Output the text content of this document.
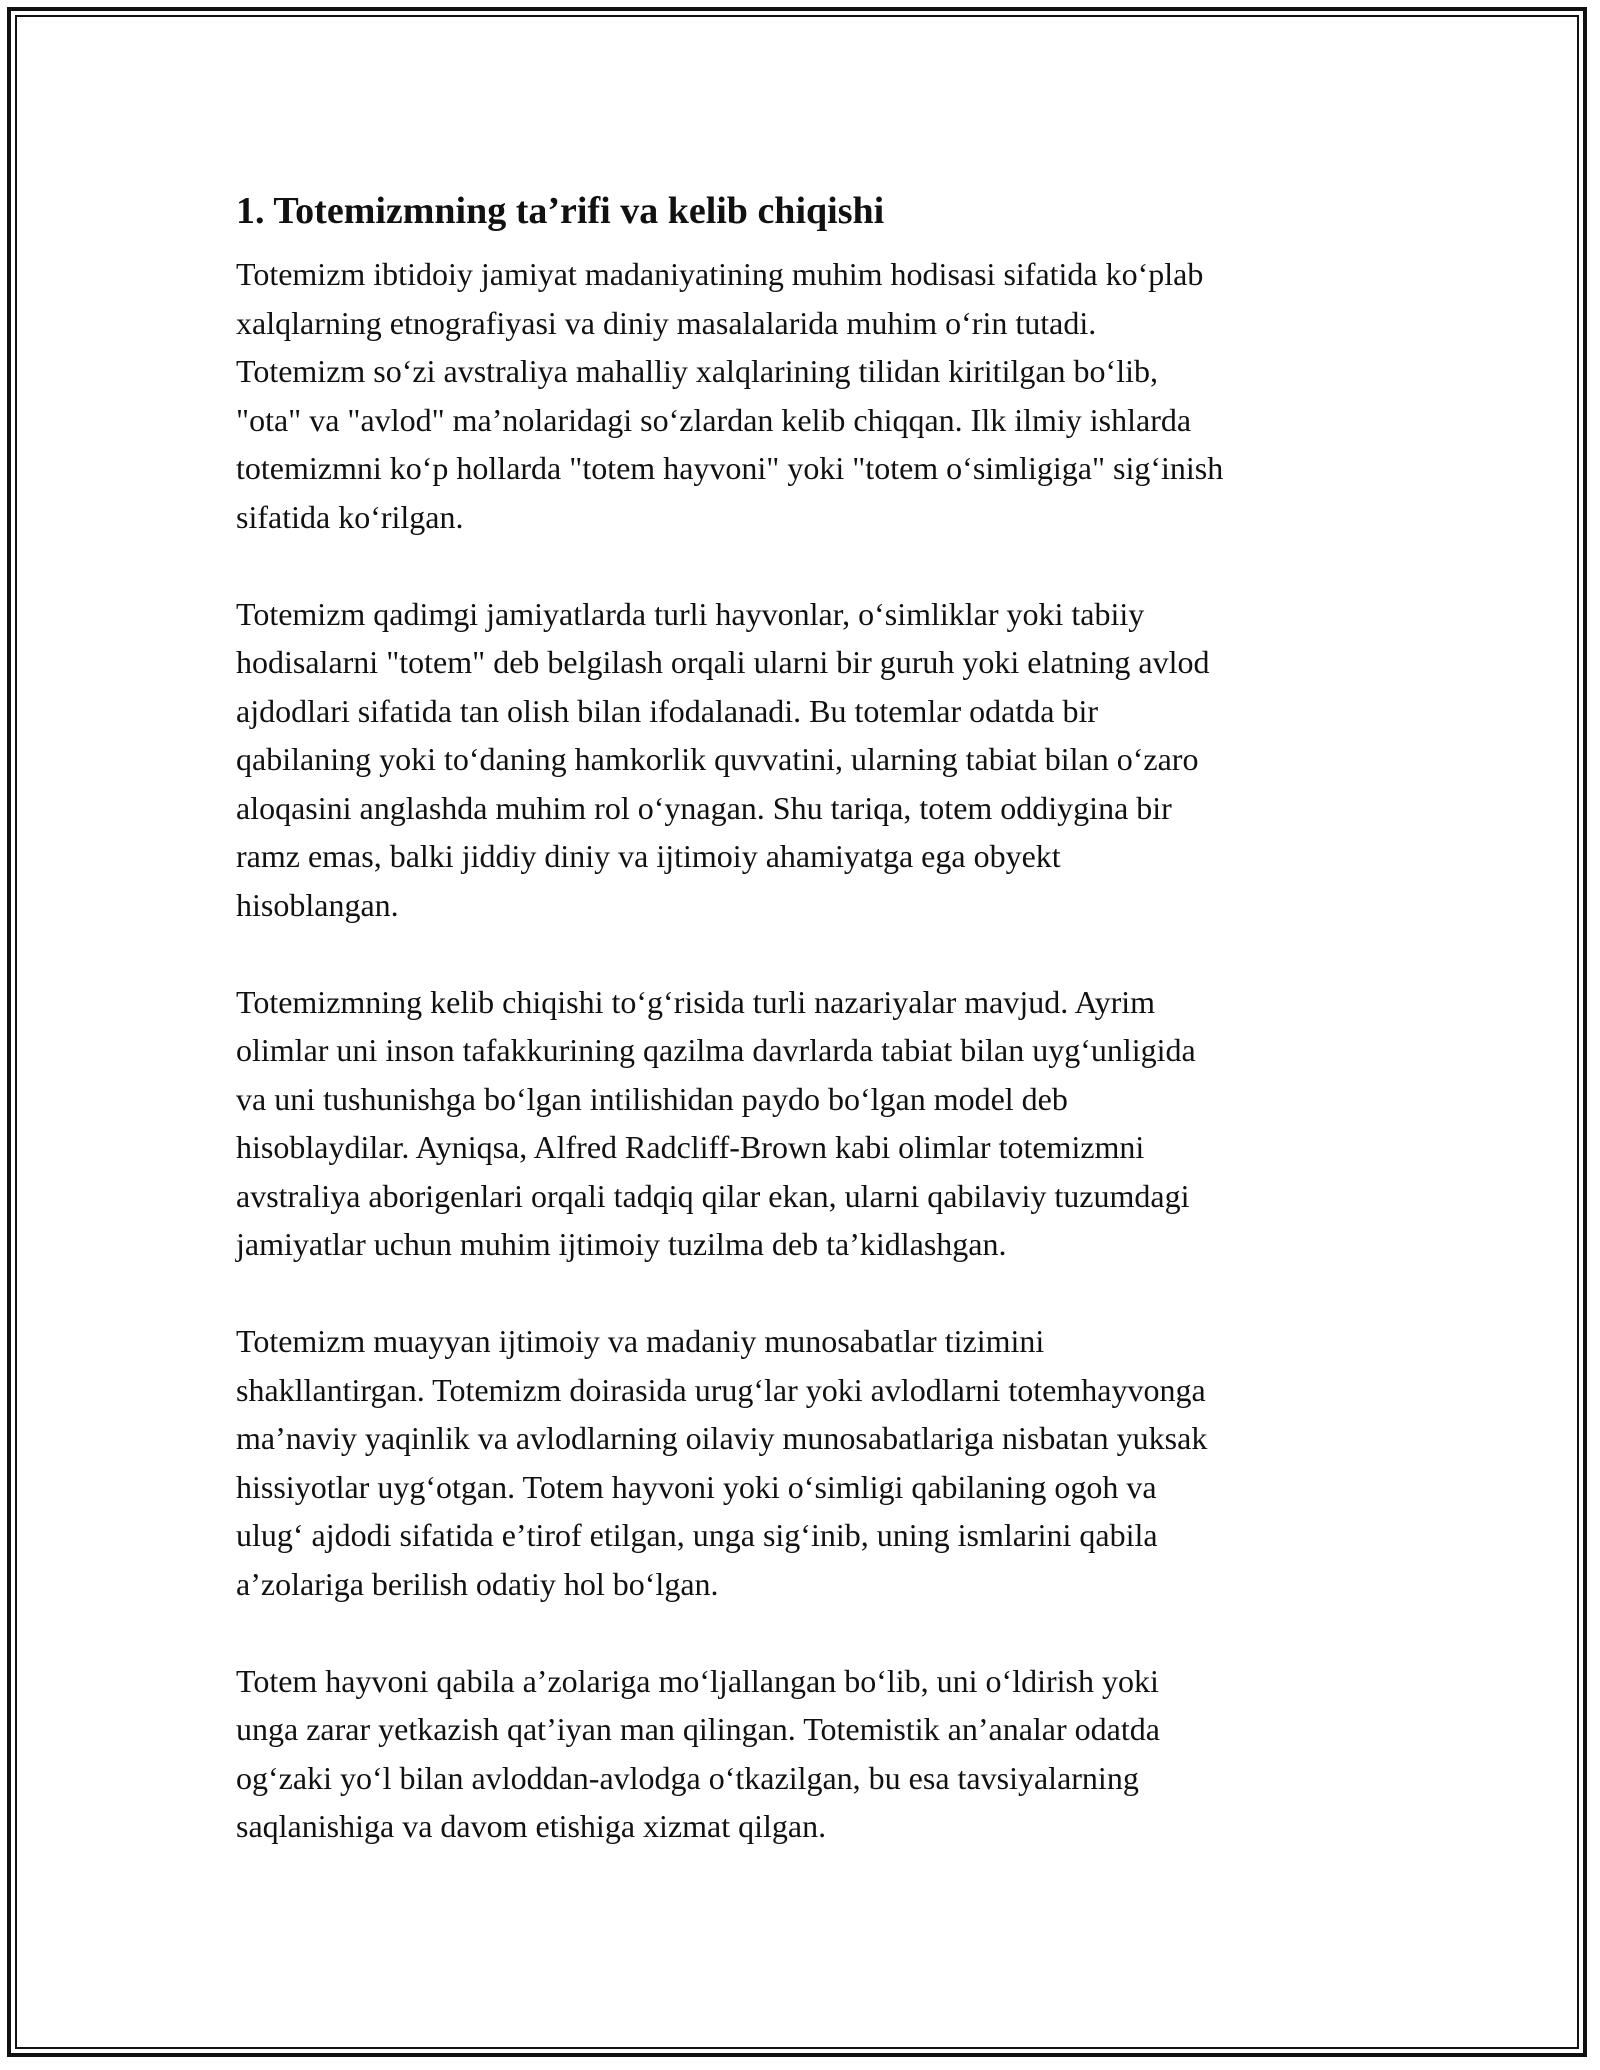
1. Totemizmning ta’rifi va kelib chiqishi

Totemizm ibtidoiy jamiyat madaniyatining muhim hodisasi sifatida koʻplab
xalqlarning etnografiyasi va diniy masalalarida muhim oʻrin tutadi.
Totemizm soʻzi avstraliya mahalliy xalqlarining tilidan kiritilgan boʻlib,
"ota" va "avlod" maʼnolaridagi soʻzlardan kelib chiqqan. Ilk ilmiy ishlarda
totemizmni koʻp hollarda "totem hayvoni" yoki "totem oʻsimligiga" sigʻinish
sifatida koʻrilgan.

Totemizm qadimgi jamiyatlarda turli hayvonlar, oʻsimliklar yoki tabiiy
hodisalarni "totem" deb belgilash orqali ularni bir guruh yoki elatning avlod
ajdodlari sifatida tan olish bilan ifodalanadi. Bu totemlar odatda bir
qabilaning yoki toʻdaning hamkorlik quvvatini, ularning tabiat bilan oʻzaro
aloqasini anglashda muhim rol oʻynagan. Shu tariqa, totem oddiygina bir
ramz emas, balki jiddiy diniy va ijtimoiy ahamiyatga ega obyekt
hisoblangan.

Totemizmning kelib chiqishi toʻgʻrisida turli nazariyalar mavjud. Ayrim
olimlar uni inson tafakkurining qazilma davrlarda tabiat bilan uygʻunligida
va uni tushunishga boʻlgan intilishidan paydo boʻlgan model deb
hisoblaydilar. Ayniqsa, Alfred Radcliff-Brown kabi olimlar totemizmni
avstraliya aborigenlari orqali tadqiq qilar ekan, ularni qabilaviy tuzumdagi
jamiyatlar uchun muhim ijtimoiy tuzilma deb taʼkidlashgan.

Totemizm muayyan ijtimoiy va madaniy munosabatlar tizimini
shakllantirgan. Totemizm doirasida urugʻlar yoki avlodlarni totemhayvonga
maʼnaviy yaqinlik va avlodlarning oilaviy munosabatlariga nisbatan yuksak
hissiyotlar uygʻotgan. Totem hayvoni yoki oʻsimligi qabilaning ogoh va
ulugʻ ajdodi sifatida eʼtirof etilgan, unga sigʻinib, uning ismlarini qabila
aʼzolariga berilish odatiy hol boʻlgan.

Totem hayvoni qabila aʼzolariga moʻljallangan boʻlib, uni oʻldirish yoki
unga zarar yetkazish qatʼiyan man qilingan. Totemistik anʼanalar odatda
ogʻzaki yoʻl bilan avloddan-avlodga oʻtkazilgan, bu esa tavsiyalarning
saqlanishiga va davom etishiga xizmat qilgan.
